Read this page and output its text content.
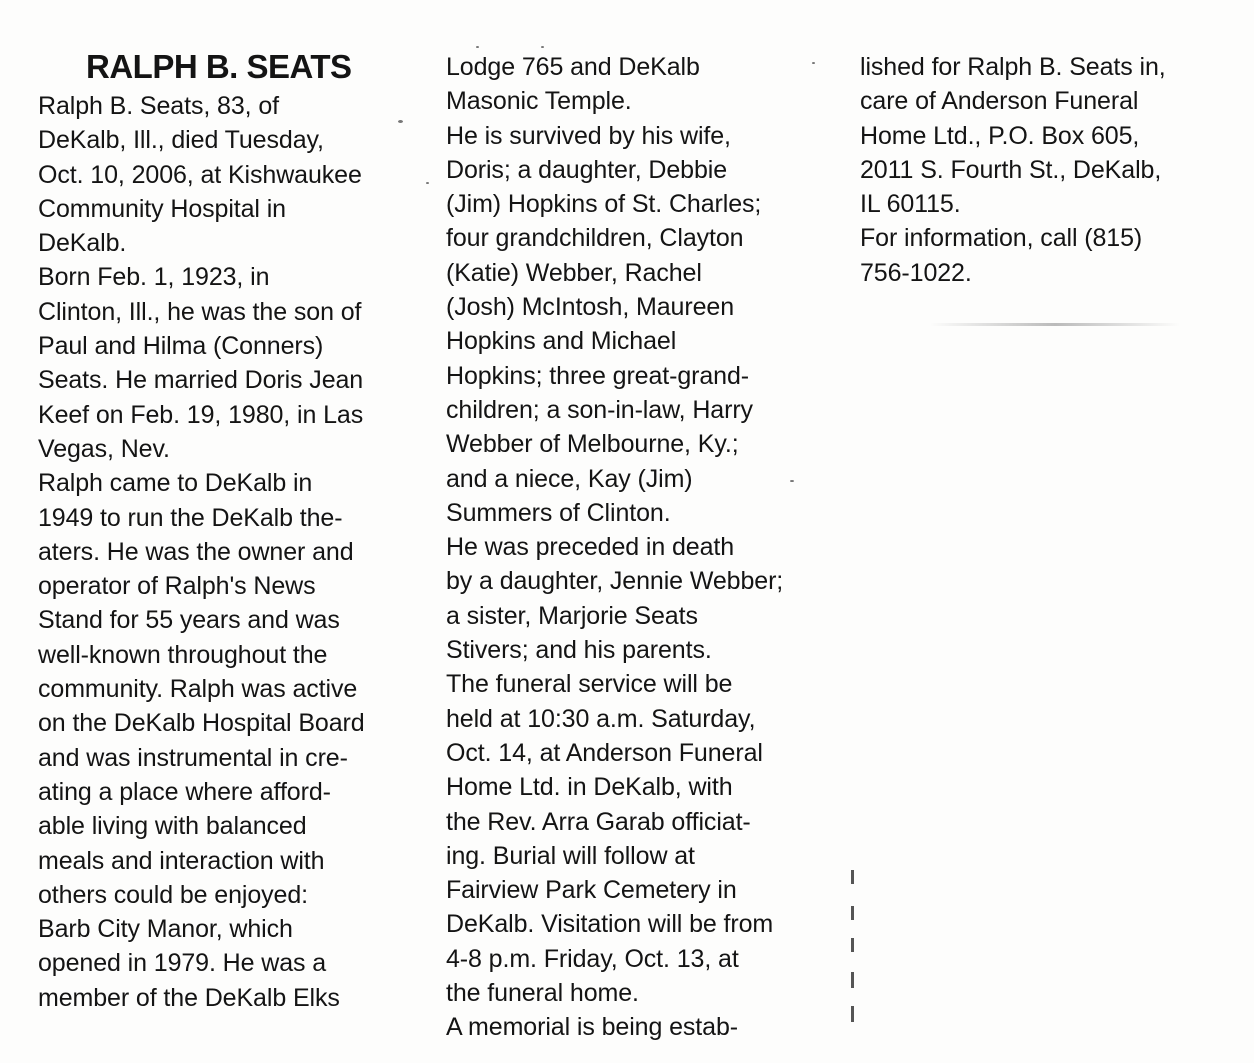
RALPH B. SEATS

Ralph B. Seats, 83, of
DeKalb, Ill., died Tuesday,
Oct. 10, 2006, at Kishwaukee
Community Hospital in
DeKalb.

Born Feb. 1, 1923, in
Clinton, Ill., he was the son of
Paul and Hilma (Conners)
Seats. He married Doris Jean
Keef on Feb. 19, 1980, in Las
Vegas, Nev.

Ralph came to DeKalb in
1949 to run the DeKalb the-
aters. He was the owner and
operator of Ralph's News
Stand for 55 years and was
well-known throughout the
community. Ralph was active
on the DeKalb Hospital Board
and was instrumental in cre-
ating a place where afford-
able living with balanced
meals and interaction with
others could be enjoyed:
Barb City Manor, which
opened in 1979. He was a
member of the DeKalb Elks

Lodge 765 and DeKalb
Masonic Temple.

He is survived by his wife,
Doris; a daughter, Debbie
(Jim) Hopkins of St. Charles;
four grandchildren, Clayton
(Katie) Webber, Rachel
(Josh) McIntosh, Maureen
Hopkins and Michael
Hopkins; three great-grand-
children; a son-in-law, Harry
Webber of Melbourne, Ky.;
and a niece, Kay (Jim)
Summers of Clinton.

He was preceded in death
by a daughter, Jennie Webber;
a sister, Marjorie Seats
Stivers; and his parents.

The funeral service will be
held at 10:30 a.m. Saturday,
Oct. 14, at Anderson Funeral
Home Ltd. in DeKalb, with
the Rev. Arra Garab officiat-
ing. Burial will follow at
Fairview Park Cemetery in
DeKalb. Visitation will be from
4-8 p.m. Friday, Oct. 13, at
the funeral home.

A memorial is being estab-

lished for Ralph B. Seats in,
care of Anderson Funeral
Home Ltd., P.O. Box 605,
2011 S. Fourth St., DeKalb,
IL 60115.

For information, call (815)
756-1022.
